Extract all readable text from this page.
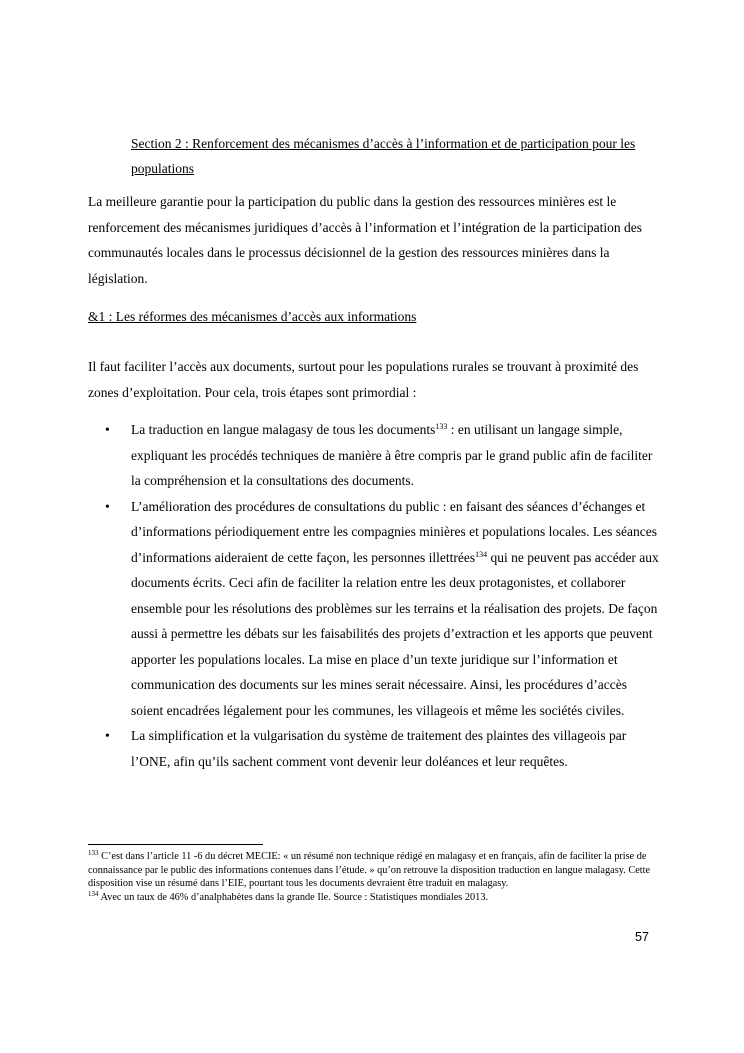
Section 2 : Renforcement des mécanismes d’accès à l’information et de participation pour les populations

La meilleure garantie pour la participation du public dans la gestion des ressources minières est le renforcement des mécanismes juridiques d’accès à l’information et l’intégration de la participation des communautés locales dans le processus décisionnel de la gestion des ressources minières dans la législation.

&1 : Les réformes des mécanismes d’accès aux informations

Il faut faciliter l’accès aux documents, surtout pour les populations rurales se trouvant à proximité des zones d’exploitation. Pour cela, trois étapes sont primordial :

• La traduction en langue malagasy de tous les documents$^{133}$ : en utilisant un langage simple, expliquant les procédés techniques de manière à être compris par le grand public afin de faciliter la compréhension et la consultations des documents.
• L’amélioration des procédures de consultations du public : en faisant des séances d’échanges et d’informations périodiquement entre les compagnies minières et populations locales. Les séances d’informations aideraient de cette façon, les personnes illettrées$^{134}$ qui ne peuvent pas accéder aux documents écrits. Ceci afin de faciliter la relation entre les deux protagonistes, et collaborer ensemble pour les résolutions des problèmes sur les terrains et la réalisation des projets. De façon aussi à permettre les débats sur les faisabilités des projets d’extraction et les apports que peuvent apporter les populations locales. La mise en place d’un texte juridique sur l’information et communication des documents sur les mines serait nécessaire. Ainsi, les procédures d’accès soient encadrées légalement pour les communes, les villageois et même les sociétés civiles.
• La simplification et la vulgarisation du système de traitement des plaintes des villageois par l’ONE, afin qu’ils sachent comment vont devenir leur doléances et leur requêtes.
$^{133}$ C’est dans l’article 11 -6 du décret MECIE: « un résumé non technique rédigé en malagasy et en français, afin de faciliter la prise de connaissance par le public des informations contenues dans l’étude. » qu’on retrouve la disposition traduction en langue malagasy. Cette disposition vise un résumé dans l’EIE, pourtant tous les documents devraient être traduit en malagasy.
$^{134}$ Avec un taux de 46% d’analphabètes dans la grande Ile. Source : Statistiques mondiales 2013.
57
